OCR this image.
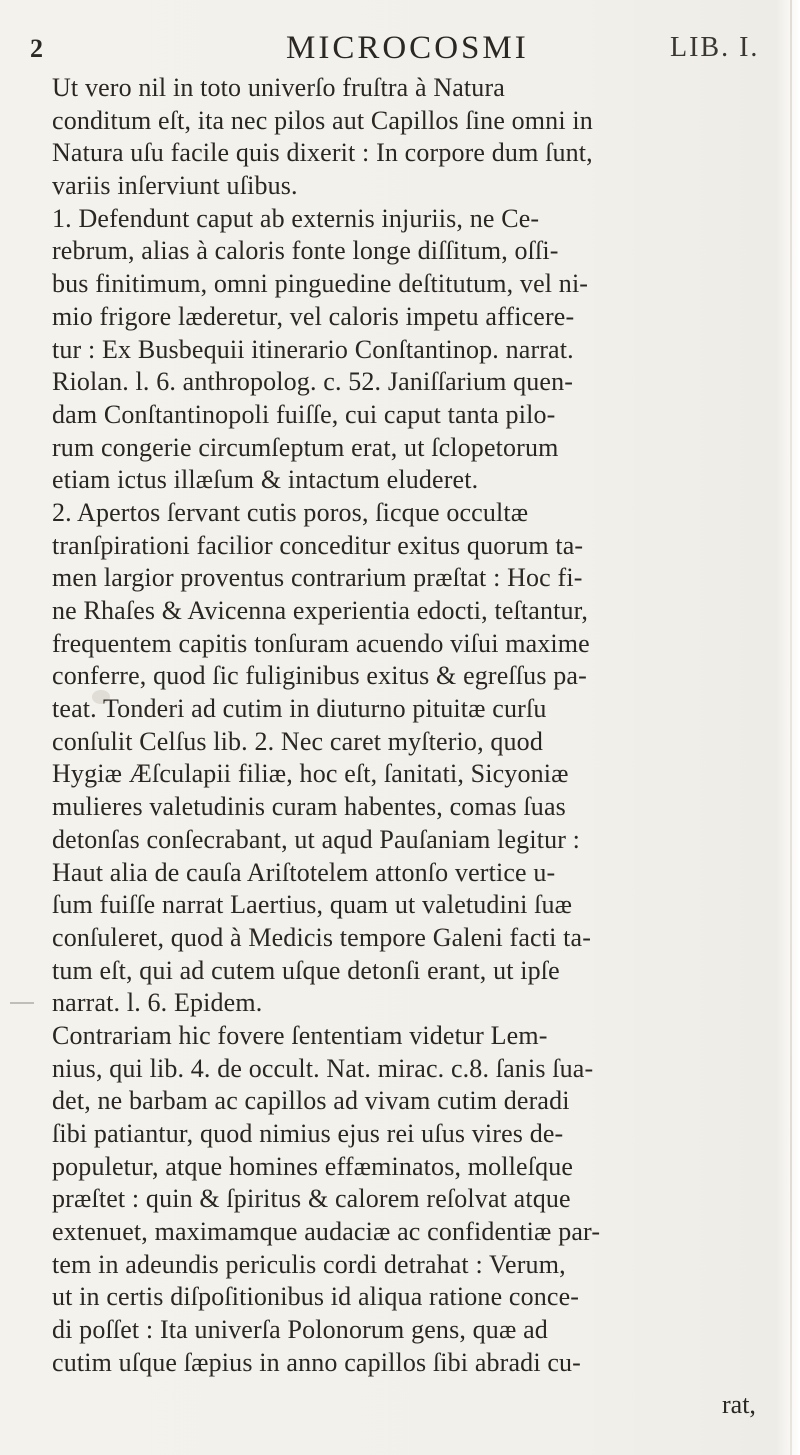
2	MICROCOSMI	LIB. I.
Ut vero nil in toto univerſo fruſtra à Natura
conditum eſt, ita nec pilos aut Capillos ſine omni in
Natura uſu facile quis dixerit : In corpore dum ſunt,
variis inſerviunt uſibus.
1. Defendunt caput ab externis injuriis, ne Ce-
rebrum, alias à caloris fonte longe diſſitum, oſſi-
bus finitimum, omni pinguedine deſtitutum, vel ni-
mio frigore læderetur, vel caloris impetu afficere-
tur : Ex Busbequii itinerario Conſtantinop. narrat.
Riolan. l. 6. anthropolog. c. 52. Janiſſarium quen-
dam Conſtantinopoli fuiſſe, cui caput tanta pilo-
rum congerie circumſeptum erat, ut ſclopetorum
etiam ictus illæſum & intactum eluderet.
2. Apertos ſervant cutis poros, ſicque occultæ
tranſpirationi facilior conceditur exitus quorum ta-
men largior proventus contrarium præſtat : Hoc fi-
ne Rhaſes & Avicenna experientia edocti, teſtantur,
frequentem capitis tonſuram acuendo viſui maxime
conferre, quod ſic fuliginibus exitus & egreſſus pa-
teat. Tonderi ad cutim in diuturno pituitæ curſu
conſulit Celſus lib. 2. Nec caret myſterio, quod
Hygiæ Æſculapii filiæ, hoc eſt, ſanitati, Sicyoniæ
mulieres valetudinis curam habentes, comas ſuas
detonſas conſecrabant, ut aqud Pauſaniam legitur :
Haut alia de cauſa Ariſtotelem attonſo vertice u-
ſum fuiſſe narrat Laertius, quam ut valetudini ſuæ
conſuleret, quod à Medicis tempore Galeni facti ta-
tum eſt, qui ad cutem uſque detonſi erant, ut ipſe
narrat. l. 6. Epidem.
Contrariam hic fovere ſententiam videtur Lem-
nius, qui lib. 4. de occult. Nat. mirac. c.8. ſanis ſua-
det, ne barbam ac capillos ad vivam cutim deradi
ſibi patiantur, quod nimius ejus rei uſus vires de-
populetur, atque homines effæminatos, molleſque
præſtet : quin & ſpiritus & calorem reſolvat atque
extenuet, maximamque audaciæ ac confidentiæ par-
tem in adeundis periculis cordi detrahat : Verum,
ut in certis diſpoſitionibus id aliqua ratione conce-
di poſſet : Ita univerſa Polonorum gens, quæ ad
cutim uſque ſæpius in anno capillos ſibi abradi cu-
rat,
